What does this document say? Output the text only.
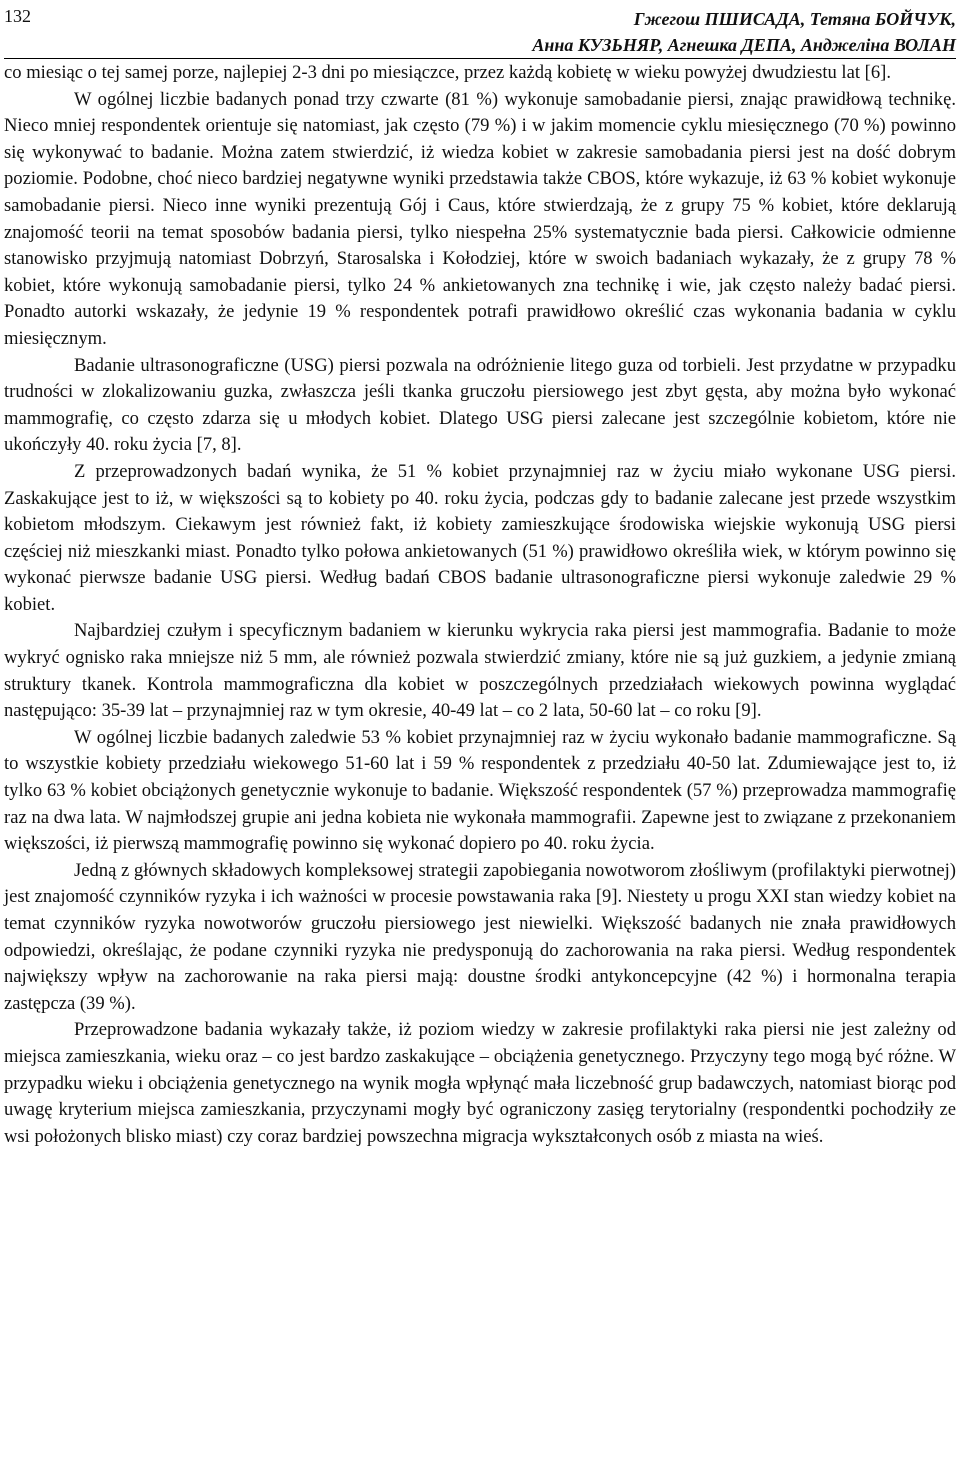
132	Гжегош ПШИСАДА, Тетяна БОЙЧУК,
Анна КУЗЬНЯР, Агнешка ДЕПА, Анджеліна ВОЛАН

co miesiąc o tej samej porze, najlepiej 2-3 dni po miesiączce, przez każdą kobietę w wieku powyżej dwudziestu lat [6].

W ogólnej liczbie badanych ponad trzy czwarte (81 %) wykonuje samobadanie piersi, znając prawidłową technikę. Nieco mniej respondentek orientuje się natomiast, jak często (79 %) i w jakim momencie cyklu miesięcznego (70 %) powinno się wykonywać to badanie. Można zatem stwierdzić, iż wiedza kobiet w zakresie samobadania piersi jest na dość dobrym poziomie. Podobne, choć nieco bardziej negatywne wyniki przedstawia także CBOS, które wykazuje, iż 63 % kobiet wykonuje samobadanie piersi. Nieco inne wyniki prezentują Gój i Caus, które stwierdzają, że z grupy 75 % kobiet, które deklarują znajomość teorii na temat sposobów badania piersi, tylko niespełna 25% systematycznie bada piersi. Całkowicie odmienne stanowisko przyjmują natomiast Dobrzyń, Starosalska i Kołodziej, które w swoich badaniach wykazały, że z grupy 78 % kobiet, które wykonują samobadanie piersi, tylko 24 % ankietowanych zna technikę i wie, jak często należy badać piersi. Ponadto autorki wskazały, że jedynie 19 % respondentek potrafi prawidłowo określić czas wykonania badania w cyklu miesięcznym.

Badanie ultrasonograficzne (USG) piersi pozwala na odróżnienie litego guza od torbieli. Jest przydatne w przypadku trudności w zlokalizowaniu guzka, zwłaszcza jeśli tkanka gruczołu piersiowego jest zbyt gęsta, aby można było wykonać mammografię, co często zdarza się u młodych kobiet. Dlatego USG piersi zalecane jest szczególnie kobietom, które nie ukończyły 40. roku życia [7, 8].

Z przeprowadzonych badań wynika, że 51 % kobiet przynajmniej raz w życiu miało wykonane USG piersi. Zaskakujące jest to iż, w większości są to kobiety po 40. roku życia, podczas gdy to badanie zalecane jest przede wszystkim kobietom młodszym. Ciekawym jest również fakt, iż kobiety zamieszkujące środowiska wiejskie wykonują USG piersi częściej niż mieszkanki miast. Ponadto tylko połowa ankietowanych (51 %) prawidłowo określiła wiek, w którym powinno się wykonać pierwsze badanie USG piersi. Według badań CBOS badanie ultrasonograficzne piersi wykonuje zaledwie 29 % kobiet.

Najbardziej czułym i specyficznym badaniem w kierunku wykrycia raka piersi jest mammografia. Badanie to może wykryć ognisko raka mniejsze niż 5 mm, ale również pozwala stwierdzić zmiany, które nie są już guzkiem, a jedynie zmianą struktury tkanek. Kontrola mammograficzna dla kobiet w poszczególnych przedziałach wiekowych powinna wyglądać następująco: 35-39 lat – przynajmniej raz w tym okresie, 40-49 lat – co 2 lata, 50-60 lat – co roku [9].

W ogólnej liczbie badanych zaledwie 53 % kobiet przynajmniej raz w życiu wykonało badanie mammograficzne. Są to wszystkie kobiety przedziału wiekowego 51-60 lat i 59 % respondentek z przedziału 40-50 lat. Zdumiewające jest to, iż tylko 63 % kobiet obciążonych genetycznie wykonuje to badanie. Większość respondentek (57 %) przeprowadza mammografię raz na dwa lata. W najmłodszej grupie ani jedna kobieta nie wykonała mammografii. Zapewne jest to związane z przekonaniem większości, iż pierwszą mammografię powinno się wykonać dopiero po 40. roku życia.

Jedną z głównych składowych kompleksowej strategii zapobiegania nowotworom złośliwym (profilaktyki pierwotnej) jest znajomość czynników ryzyka i ich ważności w procesie powstawania raka [9]. Niestety u progu XXI stan wiedzy kobiet na temat czynników ryzyka nowotworów gruczołu piersiowego jest niewielki. Większość badanych nie znała prawidłowych odpowiedzi, określając, że podane czynniki ryzyka nie predysponują do zachorowania na raka piersi. Według respondentek największy wpływ na zachorowanie na raka piersi mają: doustne środki antykoncepcyjne (42 %) i hormonalna terapia zastępcza (39 %).

Przeprowadzone badania wykazały także, iż poziom wiedzy w zakresie profilaktyki raka piersi nie jest zależny od miejsca zamieszkania, wieku oraz – co jest bardzo zaskakujące – obciążenia genetycznego. Przyczyny tego mogą być różne. W przypadku wieku i obciążenia genetycznego na wynik mogła wpłynąć mała liczebność grup badawczych, natomiast biorąc pod uwagę kryterium miejsca zamieszkania, przyczynami mogły być ograniczony zasięg terytorialny (respondentki pochodziły ze wsi położonych blisko miast) czy coraz bardziej powszechna migracja wykształconych osób z miasta na wieś.
